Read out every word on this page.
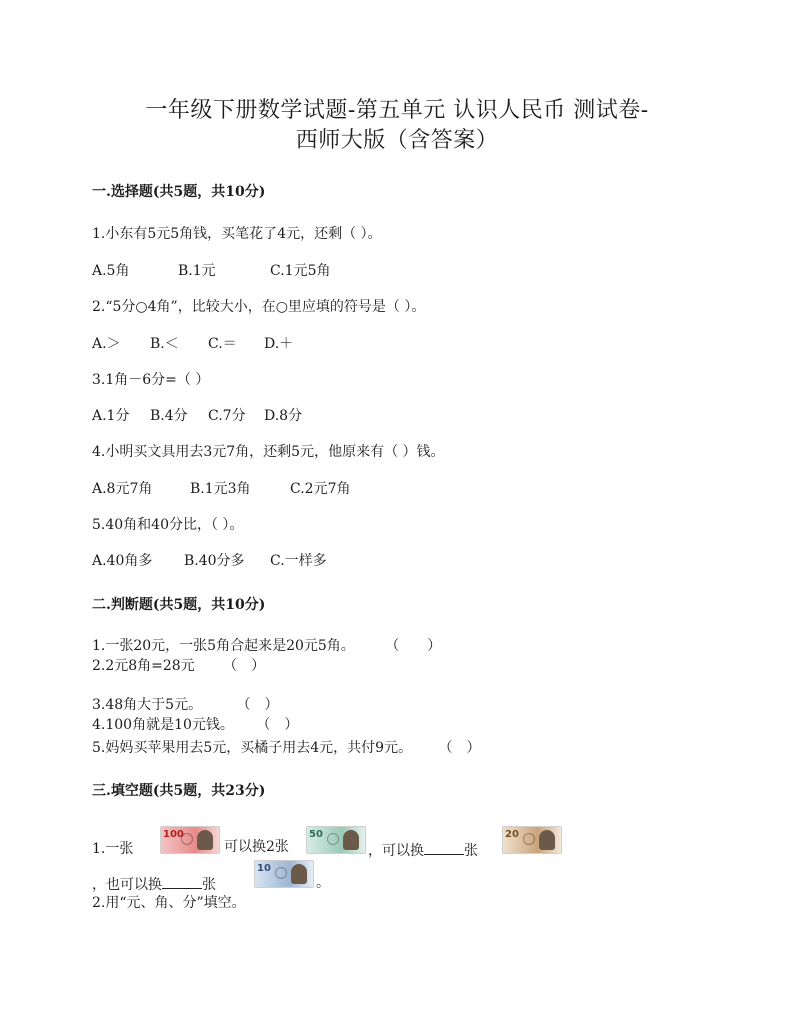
一年级下册数学试题-第五单元 认识人民币 测试卷-
西师大版（含答案）
一.选择题(共5题，共10分)
1.小东有5元5角钱，买笔花了4元，还剩（ ）。
A.5角	B.1元	C.1元5角
2.“5分○4角”，比较大小，在○里应填的符号是（ ）。
A.＞ B.＜ C.＝ D.＋
3.1角－6分=（ ）
A.1分 B.4分 C.7分 D.8分
4.小明买文具用去3元7角，还剩5元，他原来有（ ）钱。
A.8元7角	B.1元3角	C.2元7角
5.40角和40分比，（ ）。
A.40角多 B.40分多 C.一样多
二.判断题(共5题，共10分)
1.一张20元，一张5角合起来是20元5角。 （　　）
2.2元8角=28元 （　）
3.48角大于5元。 （　）
4.100角就是10元钱。 （　）
5.妈妈买苹果用去5元，买橘子用去4元，共付9元。 （　）
三.填空题(共5题，共23分)
1.一张
100
可以换2张
50
，可以换	张
20
，也可以换	张
10
。
2.用“元、角、分”填空。
